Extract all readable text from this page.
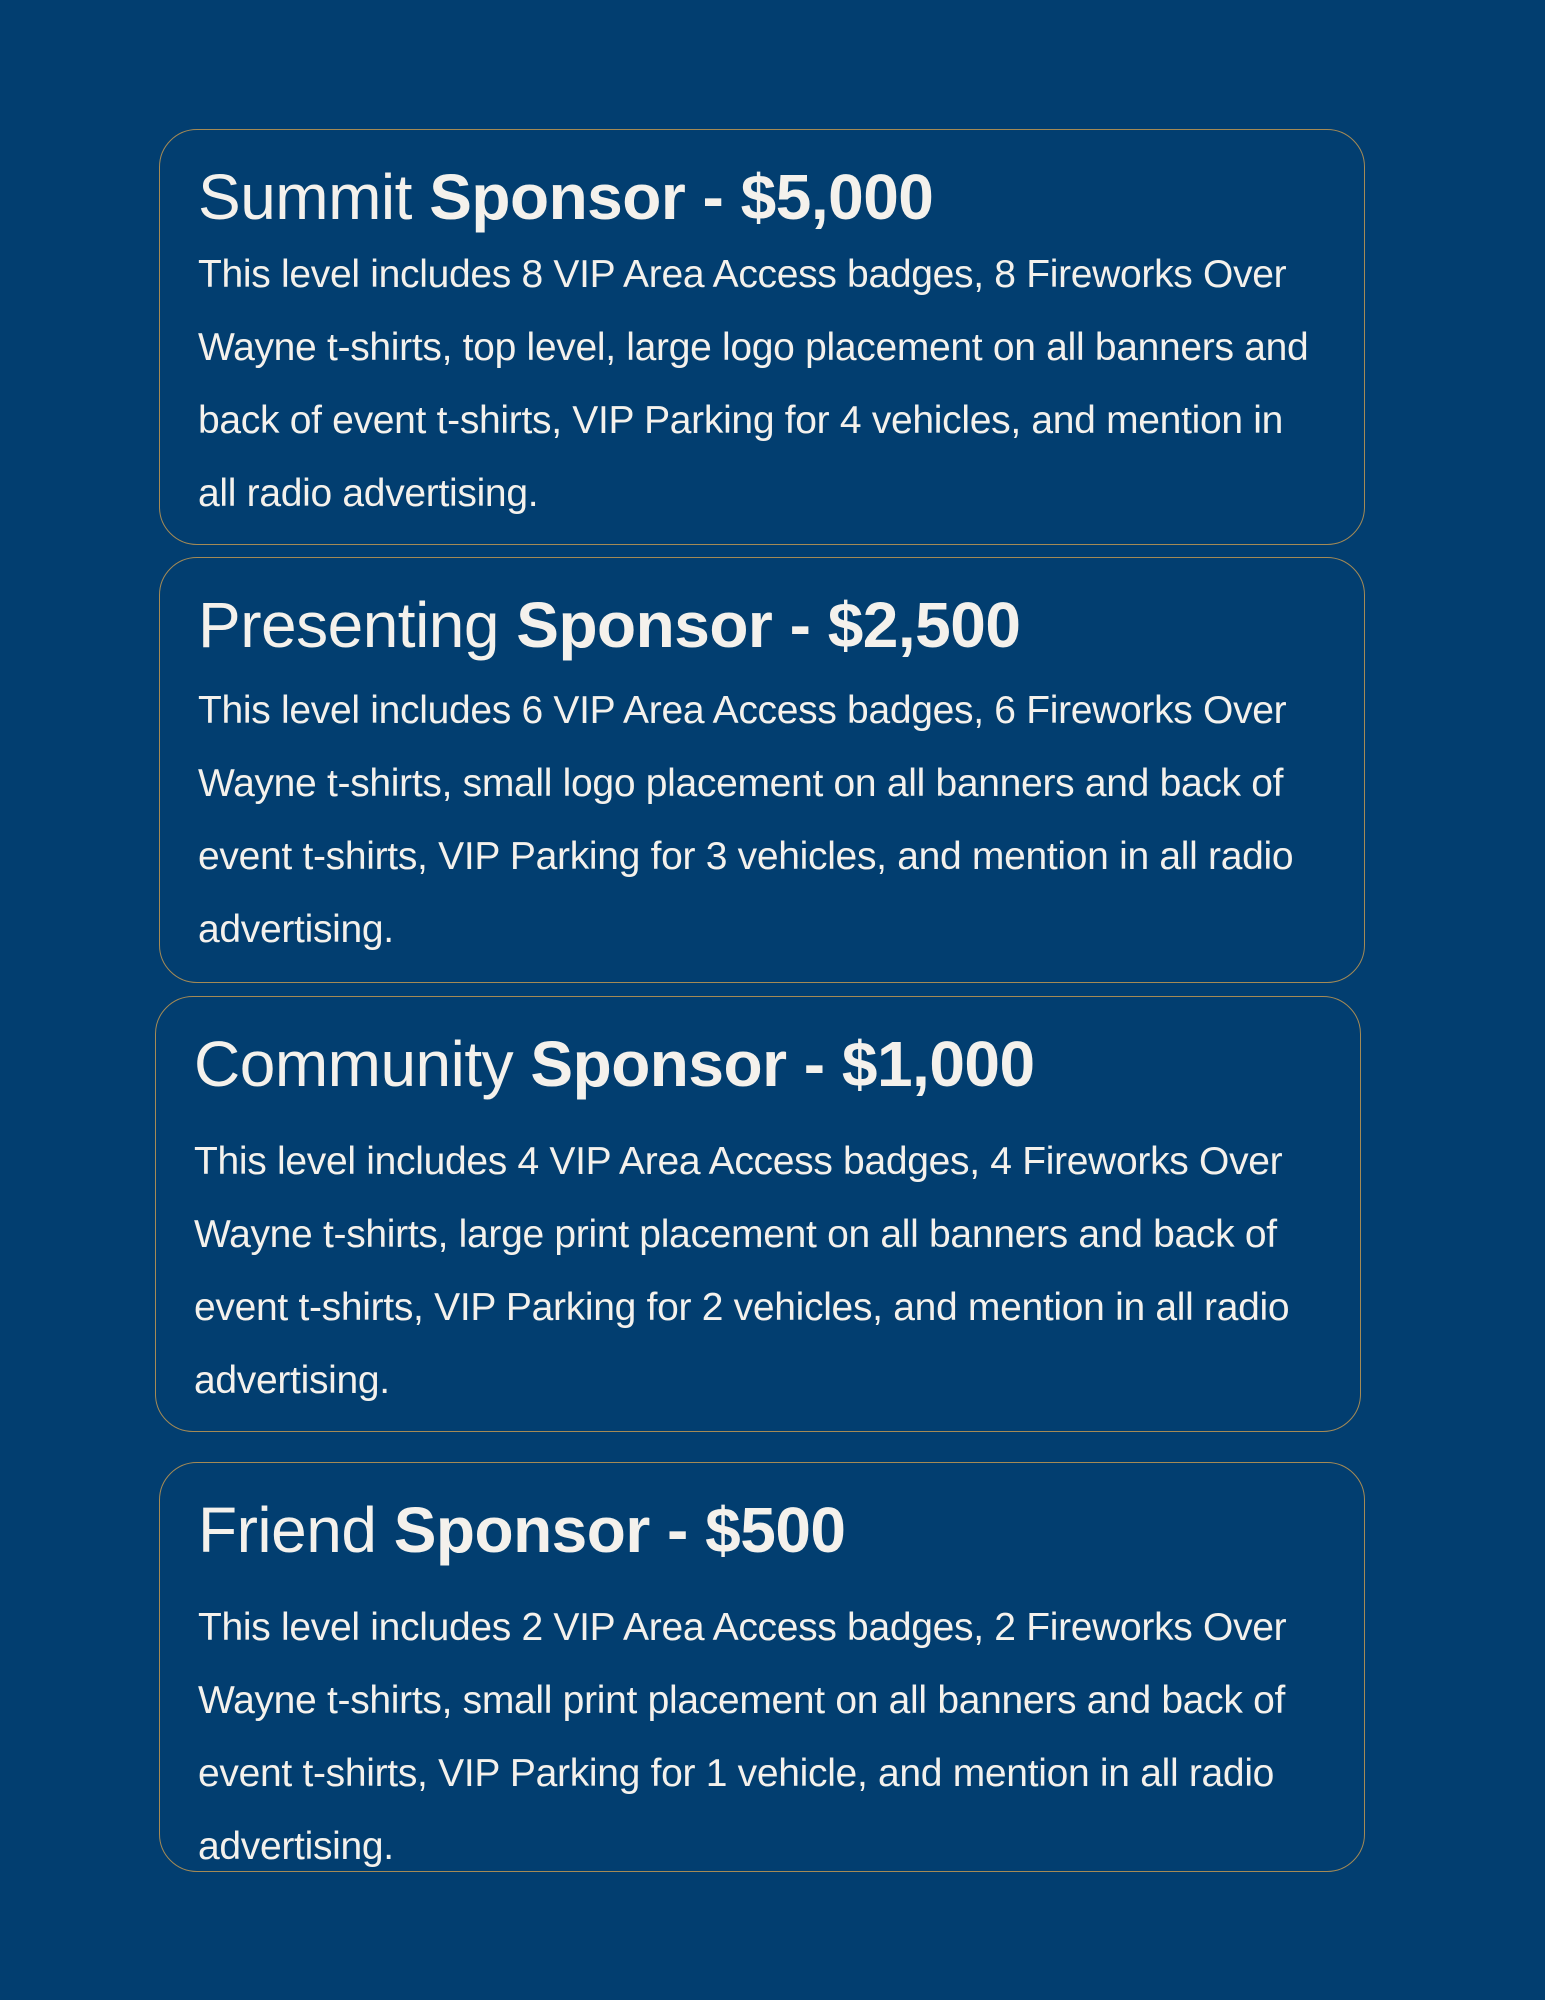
Summit Sponsor - $5,000

This level includes 8 VIP Area Access badges, 8 Fireworks Over Wayne t-shirts, top level, large logo placement on all banners and back of event t-shirts, VIP Parking for 4 vehicles, and mention in all radio advertising.

Presenting Sponsor - $2,500

This level includes 6 VIP Area Access badges, 6 Fireworks Over Wayne t-shirts, small logo placement on all banners and back of event t-shirts, VIP Parking for 3 vehicles, and mention in all radio advertising.

Community Sponsor - $1,000

This level includes 4 VIP Area Access badges, 4 Fireworks Over Wayne t-shirts, large print placement on all banners and back of event t-shirts, VIP Parking for 2 vehicles, and mention in all radio advertising.

Friend Sponsor - $500

This level includes 2 VIP Area Access badges, 2 Fireworks Over Wayne t-shirts, small print placement on all banners and back of event t-shirts, VIP Parking for 1 vehicle, and mention in all radio advertising.
